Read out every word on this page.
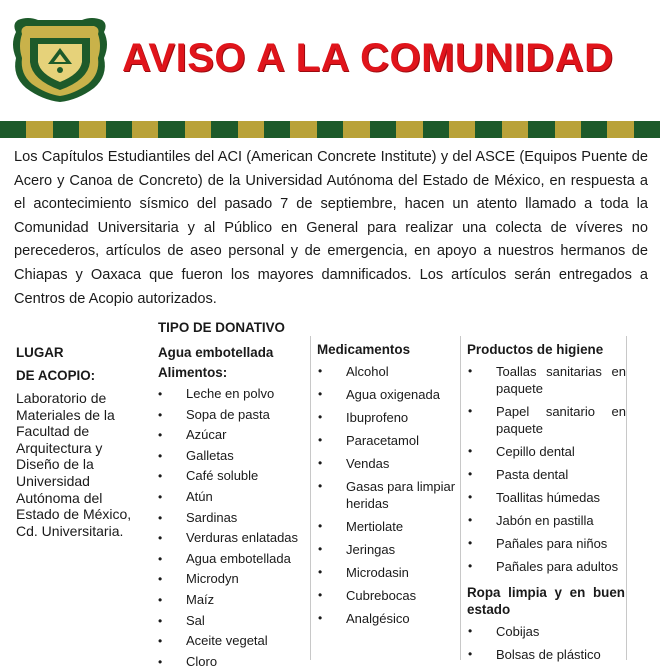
AVISO A LA COMUNIDAD

Los Capítulos Estudiantiles del ACI (American Concrete Institute) y del ASCE (Equipos Puente de Acero y Canoa de Concreto) de la Universidad Autónoma del Estado de México, en respuesta a el acontecimiento sísmico del pasado 7 de septiembre, hacen un atento llamado a toda la Comunidad Universitaria y al Público en General para realizar una colecta de víveres no perecederos, artículos de aseo personal y de emergencia, en apoyo a nuestros hermanos de Chiapas y Oaxaca que fueron los mayores damnificados. Los artículos serán entregados a Centros de Acopio autorizados.

LUGAR
DE ACOPIO:
Laboratorio de Materiales de la Facultad de Arquitectura y Diseño de la Universidad Autónoma del Estado de México, Cd. Universitaria.
TIPO DE DONATIVO
Agua embotellada
Alimentos:
• Leche en polvo
• Sopa de pasta
• Azúcar
• Galletas
• Café soluble
• Atún
• Sardinas
• Verduras enlatadas
• Agua embotellada
• Microdyn
• Maíz
• Sal
• Aceite vegetal
• Cloro
Medicamentos
• Alcohol
• Agua oxigenada
• Ibuprofeno
• Paracetamol
• Vendas
• Gasas para limpiar heridas
• Mertiolate
• Jeringas
• Microdasin
• Cubrebocas
• Analgésico
Productos de higiene
• Toallas sanitarias en paquete
• Papel sanitario en paquete
• Cepillo dental
• Pasta dental
• Toallitas húmedas
• Jabón en pastilla
• Pañales para niños
• Pañales para adultos
Ropa limpia y en buen estado
• Cobijas
• Bolsas de plástico
